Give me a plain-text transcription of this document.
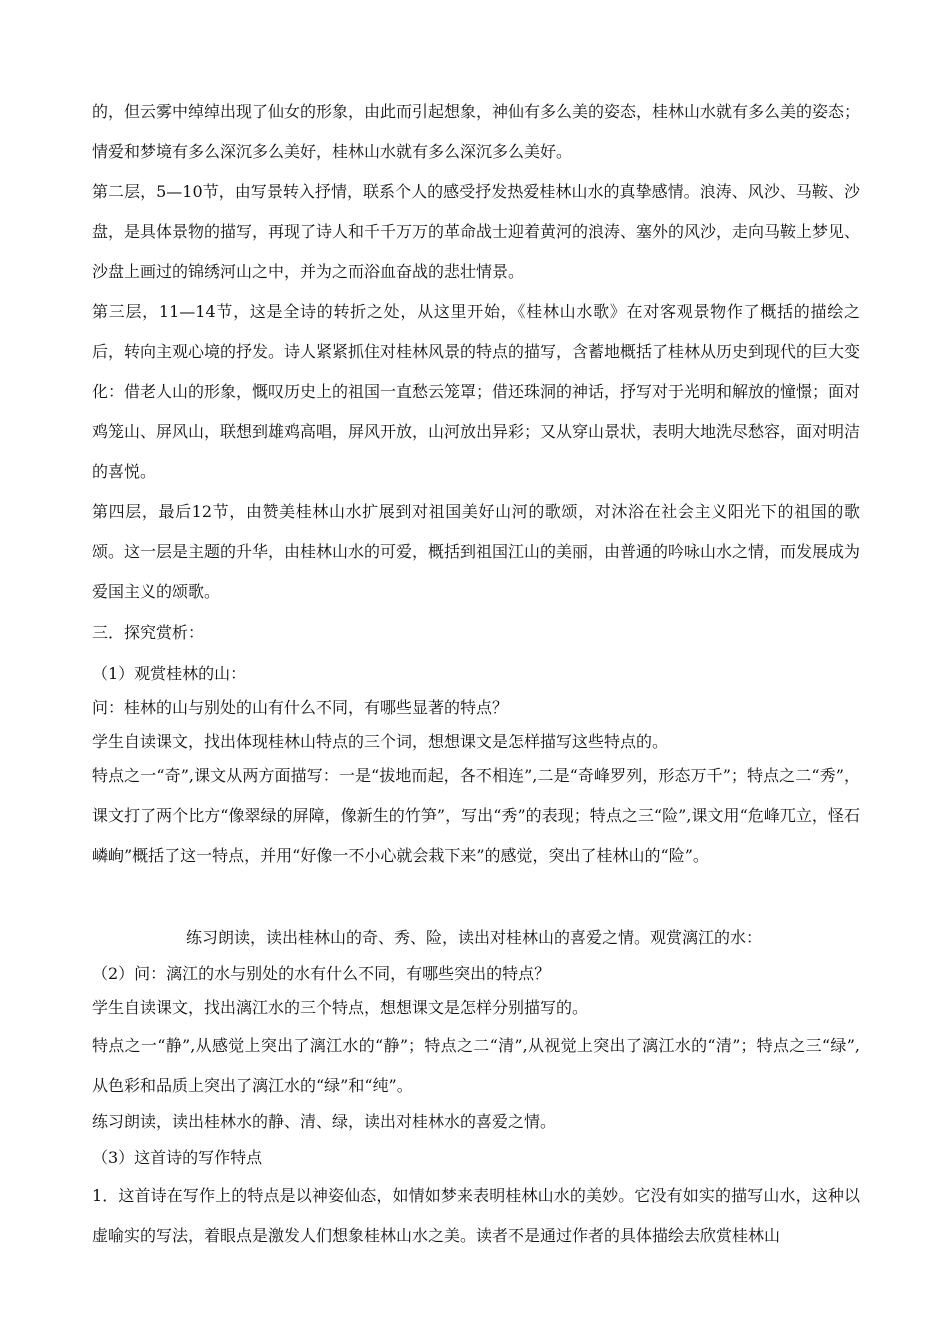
的，但云雾中绰绰出现了仙女的形象，由此而引起想象，神仙有多么美的姿态，桂林山水就有多么美的姿态；情爱和梦境有多么深沉多么美好，桂林山水就有多么深沉多么美好。

第二层，5—10节，由写景转入抒情，联系个人的感受抒发热爱桂林山水的真挚感情。浪涛、风沙、马鞍、沙盘，是具体景物的描写，再现了诗人和千千万万的革命战士迎着黄河的浪涛、塞外的风沙，走向马鞍上梦见、沙盘上画过的锦绣河山之中，并为之而浴血奋战的悲壮情景。

第三层，11—14节，这是全诗的转折之处，从这里开始，《桂林山水歌》在对客观景物作了概括的描绘之后，转向主观心境的抒发。诗人紧紧抓住对桂林风景的特点的描写，含蓄地概括了桂林从历史到现代的巨大变化：借老人山的形象，慨叹历史上的祖国一直愁云笼罩；借还珠洞的神话，抒写对于光明和解放的憧憬；面对鸡笼山、屏风山，联想到雄鸡高唱，屏风开放，山河放出异彩；又从穿山景状，表明大地洗尽愁容，面对明洁的喜悦。

第四层，最后12节，由赞美桂林山水扩展到对祖国美好山河的歌颂，对沐浴在社会主义阳光下的祖国的歌颂。这一层是主题的升华，由桂林山水的可爱，概括到祖国江山的美丽，由普通的吟咏山水之情，而发展成为爱国主义的颂歌。

三．探究赏析：

（1）观赏桂林的山：

问：桂林的山与别处的山有什么不同，有哪些显著的特点？

学生自读课文，找出体现桂林山特点的三个词，想想课文是怎样描写这些特点的。

特点之一“奇”,课文从两方面描写：一是“拔地而起，各不相连”,二是“奇峰罗列，形态万千”；特点之二“秀”，课文打了两个比方“像翠绿的屏障，像新生的竹笋”，写出“秀”的表现；特点之三“险”,课文用“危峰兀立，怪石嶙峋”概括了这一特点，并用“好像一不小心就会栽下来”的感觉，突出了桂林山的“险”。

练习朗读，读出桂林山的奇、秀、险，读出对桂林山的喜爱之情。观赏漓江的水：

（2）问：漓江的水与别处的水有什么不同，有哪些突出的特点？

学生自读课文，找出漓江水的三个特点，想想课文是怎样分别描写的。

特点之一“静”,从感觉上突出了漓江水的“静”；特点之二“清”,从视觉上突出了漓江水的“清”；特点之三“绿”,从色彩和品质上突出了漓江水的“绿”和“纯”。

练习朗读，读出桂林水的静、清、绿，读出对桂林水的喜爱之情。

（3）这首诗的写作特点

1．这首诗在写作上的特点是以神姿仙态，如情如梦来表明桂林山水的美妙。它没有如实的描写山水，这种以虚喻实的写法，着眼点是激发人们想象桂林山水之美。读者不是通过作者的具体描绘去欣赏桂林山
